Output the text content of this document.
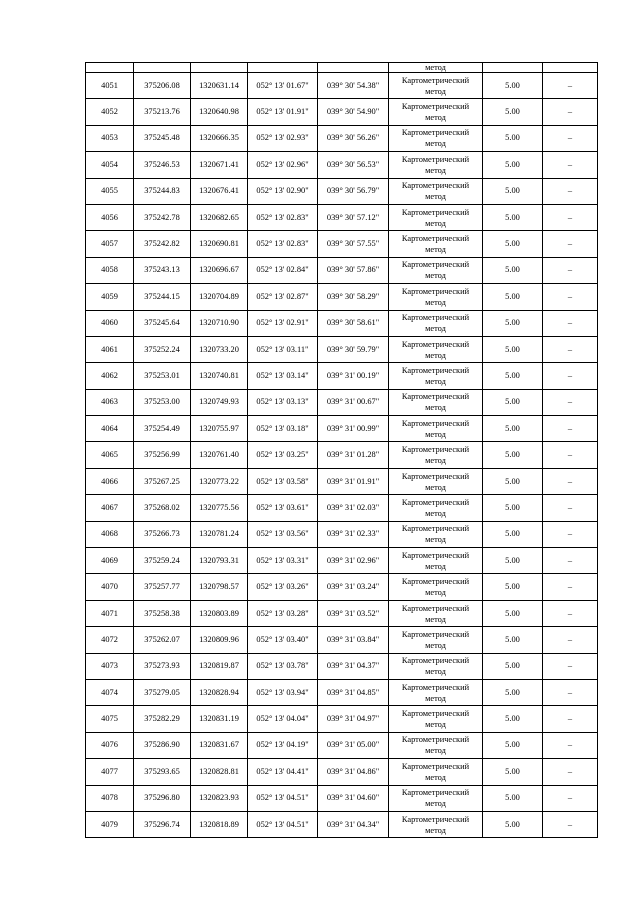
					метод		
4051	375206.08	1320631.14	052° 13' 01.67"	039° 30' 54.38"	Картометрический
метод	5.00	–
4052	375213.76	1320640.98	052° 13' 01.91"	039° 30' 54.90"	Картометрический
метод	5.00	–
4053	375245.48	1320666.35	052° 13' 02.93"	039° 30' 56.26"	Картометрический
метод	5.00	–
4054	375246.53	1320671.41	052° 13' 02.96"	039° 30' 56.53"	Картометрический
метод	5.00	–
4055	375244.83	1320676.41	052° 13' 02.90"	039° 30' 56.79"	Картометрический
метод	5.00	–
4056	375242.78	1320682.65	052° 13' 02.83"	039° 30' 57.12"	Картометрический
метод	5.00	–
4057	375242.82	1320690.81	052° 13' 02.83"	039° 30' 57.55"	Картометрический
метод	5.00	–
4058	375243.13	1320696.67	052° 13' 02.84"	039° 30' 57.86"	Картометрический
метод	5.00	–
4059	375244.15	1320704.89	052° 13' 02.87"	039° 30' 58.29"	Картометрический
метод	5.00	–
4060	375245.64	1320710.90	052° 13' 02.91"	039° 30' 58.61"	Картометрический
метод	5.00	–
4061	375252.24	1320733.20	052° 13' 03.11"	039° 30' 59.79"	Картометрический
метод	5.00	–
4062	375253.01	1320740.81	052° 13' 03.14"	039° 31' 00.19"	Картометрический
метод	5.00	–
4063	375253.00	1320749.93	052° 13' 03.13"	039° 31' 00.67"	Картометрический
метод	5.00	–
4064	375254.49	1320755.97	052° 13' 03.18"	039° 31' 00.99"	Картометрический
метод	5.00	–
4065	375256.99	1320761.40	052° 13' 03.25"	039° 31' 01.28"	Картометрический
метод	5.00	–
4066	375267.25	1320773.22	052° 13' 03.58"	039° 31' 01.91"	Картометрический
метод	5.00	–
4067	375268.02	1320775.56	052° 13' 03.61"	039° 31' 02.03"	Картометрический
метод	5.00	–
4068	375266.73	1320781.24	052° 13' 03.56"	039° 31' 02.33"	Картометрический
метод	5.00	–
4069	375259.24	1320793.31	052° 13' 03.31"	039° 31' 02.96"	Картометрический
метод	5.00	–
4070	375257.77	1320798.57	052° 13' 03.26"	039° 31' 03.24"	Картометрический
метод	5.00	–
4071	375258.38	1320803.89	052° 13' 03.28"	039° 31' 03.52"	Картометрический
метод	5.00	–
4072	375262.07	1320809.96	052° 13' 03.40"	039° 31' 03.84"	Картометрический
метод	5.00	–
4073	375273.93	1320819.87	052° 13' 03.78"	039° 31' 04.37"	Картометрический
метод	5.00	–
4074	375279.05	1320828.94	052° 13' 03.94"	039° 31' 04.85"	Картометрический
метод	5.00	–
4075	375282.29	1320831.19	052° 13' 04.04"	039° 31' 04.97"	Картометрический
метод	5.00	–
4076	375286.90	1320831.67	052° 13' 04.19"	039° 31' 05.00"	Картометрический
метод	5.00	–
4077	375293.65	1320828.81	052° 13' 04.41"	039° 31' 04.86"	Картометрический
метод	5.00	–
4078	375296.80	1320823.93	052° 13' 04.51"	039° 31' 04.60"	Картометрический
метод	5.00	–
4079	375296.74	1320818.89	052° 13' 04.51"	039° 31' 04.34"	Картометрический
метод	5.00	–
